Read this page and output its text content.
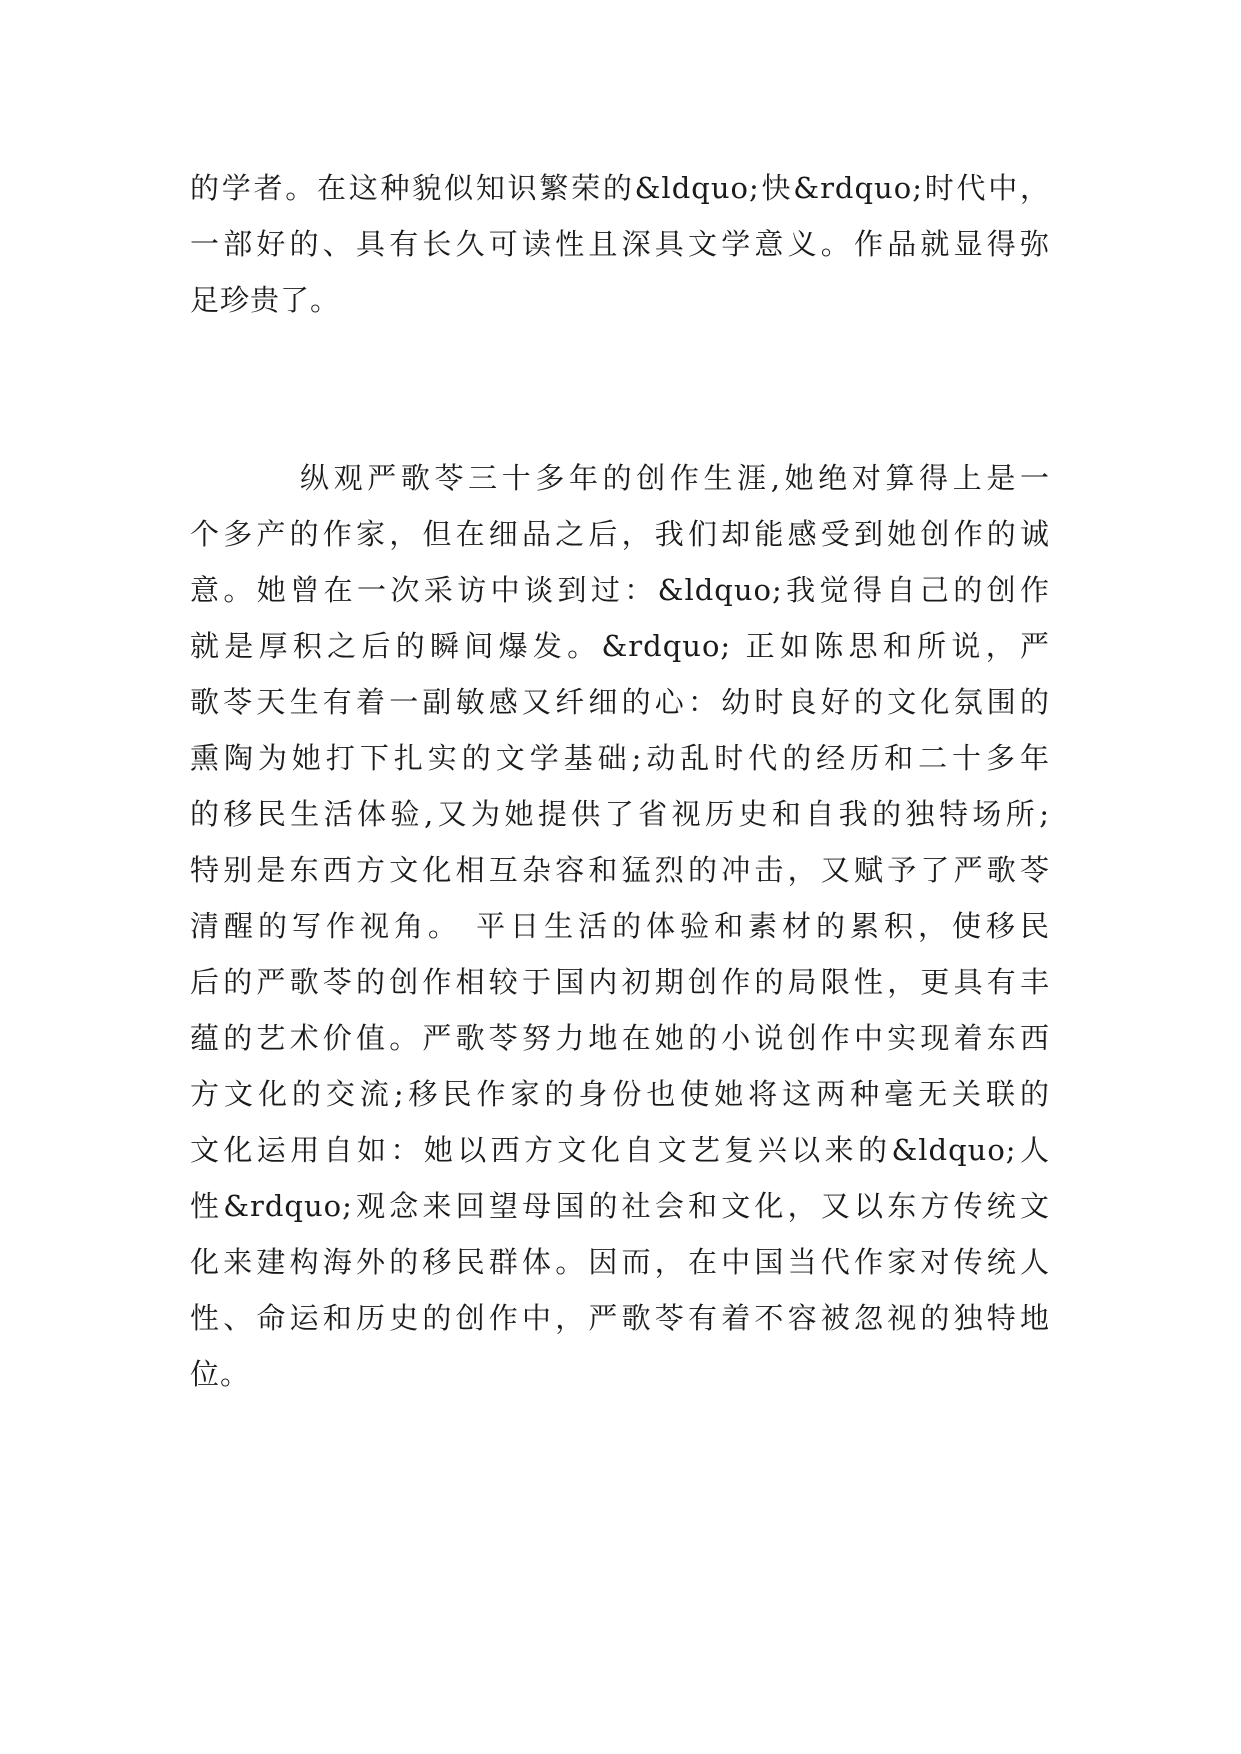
的学者。在这种貌似知识繁荣的&ldquo;快&rdquo;时代中，
一部好的、具有长久可读性且深具文学意义。作品就显得弥
足珍贵了。
纵观严歌苓三十多年的创作生涯,她绝对算得上是一
个多产的作家，但在细品之后，我们却能感受到她创作的诚
意。她曾在一次采访中谈到过：&ldquo;我觉得自己的创作
就是厚积之后的瞬间爆发。&rdquo; 正如陈思和所说，严
歌苓天生有着一副敏感又纤细的心：幼时良好的文化氛围的
熏陶为她打下扎实的文学基础;动乱时代的经历和二十多年
的移民生活体验,又为她提供了省视历史和自我的独特场所;
特别是东西方文化相互杂容和猛烈的冲击，又赋予了严歌苓
清醒的写作视角。 平日生活的体验和素材的累积，使移民
后的严歌苓的创作相较于国内初期创作的局限性，更具有丰
蕴的艺术价值。严歌苓努力地在她的小说创作中实现着东西
方文化的交流;移民作家的身份也使她将这两种毫无关联的
文化运用自如：她以西方文化自文艺复兴以来的&ldquo;人
性&rdquo;观念来回望母国的社会和文化，又以东方传统文
化来建构海外的移民群体。因而，在中国当代作家对传统人
性、命运和历史的创作中，严歌苓有着不容被忽视的独特地
位。
